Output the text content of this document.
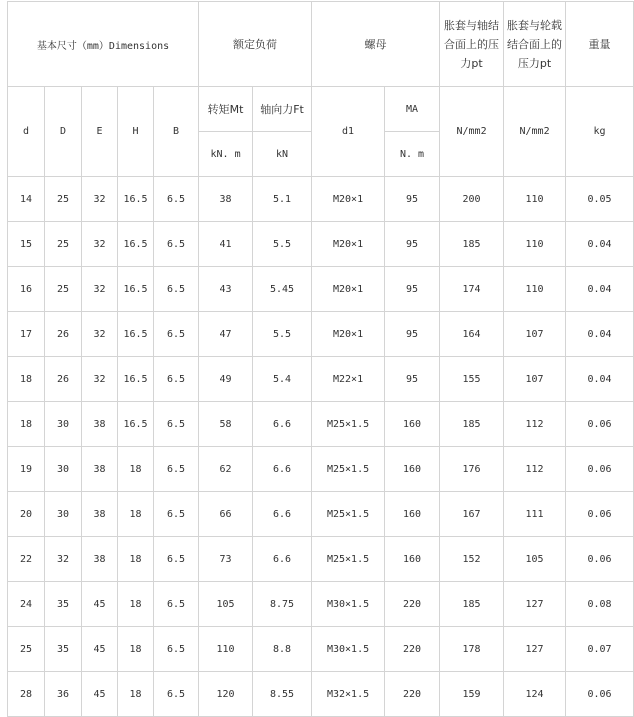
基本尺寸（mm）Dimensions					额定负荷		螺母		胀套与轴结合面上的压力pt	胀套与轮载结合面上的压力pt	重量
d	D	E	H	B	转矩Mt	轴向力Ft	d1	MA	N/mm2	N/mm2	kg
					kN. m	kN		N. m			
14	25	32	16.5	6.5	38	5.1	M20×1	95	200	110	0.05
15	25	32	16.5	6.5	41	5.5	M20×1	95	185	110	0.04
16	25	32	16.5	6.5	43	5.45	M20×1	95	174	110	0.04
17	26	32	16.5	6.5	47	5.5	M20×1	95	164	107	0.04
18	26	32	16.5	6.5	49	5.4	M22×1	95	155	107	0.04
18	30	38	16.5	6.5	58	6.6	M25×1.5	160	185	112	0.06
19	30	38	18	6.5	62	6.6	M25×1.5	160	176	112	0.06
20	30	38	18	6.5	66	6.6	M25×1.5	160	167	111	0.06
22	32	38	18	6.5	73	6.6	M25×1.5	160	152	105	0.06
24	35	45	18	6.5	105	8.75	M30×1.5	220	185	127	0.08
25	35	45	18	6.5	110	8.8	M30×1.5	220	178	127	0.07
28	36	45	18	6.5	120	8.55	M32×1.5	220	159	124	0.06
